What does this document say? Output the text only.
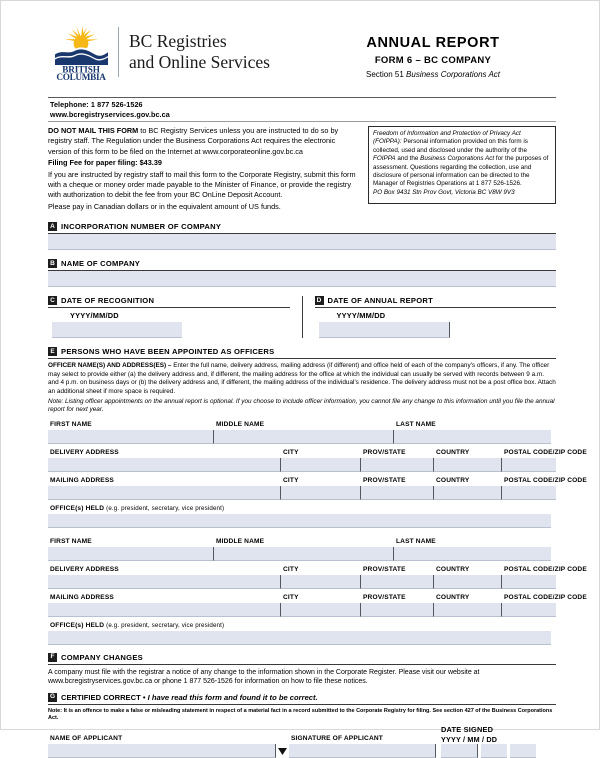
BRITISH
COLUMBIA
BC Registries
and Online Services
ANNUAL REPORT
FORM 6 – BC COMPANY
Section 51 Business Corporations Act
Telephone: 1 877 526-1526
www.bcregistryservices.gov.bc.ca

DO NOT MAIL THIS FORM to BC Registry Services unless you are instructed to do so by registry staff. The Regulation under the Business Corporations Act requires the electronic version of this form to be filed on the Internet at www.corporateonline.gov.bc.ca

Filing Fee for paper filing: $43.39

If you are instructed by registry staff to mail this form to the Corporate Registry, submit this form with a cheque or money order made payable to the Minister of Finance, or provide the registry with authorization to debit the fee from your BC OnLine Deposit Account.

Please pay in Canadian dollars or in the equivalent amount of US funds.

Freedom of Information and Protection of Privacy Act (FOIPPA): Personal information provided on this form is collected, used and disclosed under the authority of the FOIPPA and the Business Corporations Act for the purposes of assessment. Questions regarding the collection, use and disclosure of personal information can be directed to the Manager of Registries Operations at 1 877 526-1526.
PO Box 9431 Stn Prov Govt, Victoria BC V8W 9V3
A INCORPORATION NUMBER OF COMPANY
B NAME OF COMPANY
C DATE OF RECOGNITION
YYYY/MM/DD
D DATE OF ANNUAL REPORT
YYYY/MM/DD
E PERSONS WHO HAVE BEEN APPOINTED AS OFFICERS
OFFICER NAME(S) AND ADDRESS(ES) – Enter the full name, delivery address, mailing address (if different) and office held of each of the company's officers, if any. The officer may select to provide either (a) the delivery address and, if different, the mailing address for the office at which the individual can usually be served with records between 9 a.m. and 4 p.m. on business days or (b) the delivery address and, if different, the mailing address of the individual's residence. The delivery address must not be a post office box. Attach an additional sheet if more space is required.
Note: Listing officer appointments on the annual report is optional. If you choose to include officer information, you cannot file any change to this information until you file the annual report for next year.
FIRST NAME	MIDDLE NAME	LAST NAME
DELIVERY ADDRESS	CITY	PROV/STATE	COUNTRY	POSTAL CODE/ZIP CODE
MAILING ADDRESS	CITY	PROV/STATE	COUNTRY	POSTAL CODE/ZIP CODE
OFFICE(s) HELD (e.g. president, secretary, vice president)
FIRST NAME	MIDDLE NAME	LAST NAME
DELIVERY ADDRESS	CITY	PROV/STATE	COUNTRY	POSTAL CODE/ZIP CODE
MAILING ADDRESS	CITY	PROV/STATE	COUNTRY	POSTAL CODE/ZIP CODE
OFFICE(s) HELD (e.g. president, secretary, vice president)
F COMPANY CHANGES
A company must file with the registrar a notice of any change to the information shown in the Corporate Register. Please visit our website at www.bcregistryservices.gov.bc.ca or phone 1 877 526-1526 for information on how to file these notices.
G CERTIFIED CORRECT • I have read this form and found it to be correct.
Note: It is an offence to make a false or misleading statement in respect of a material fact in a record submitted to the Corporate Registry for filing. See section 427 of the Business Corporations Act.
NAME OF APPLICANT	SIGNATURE OF APPLICANT
DATE SIGNED
YYYY / MM / DD
